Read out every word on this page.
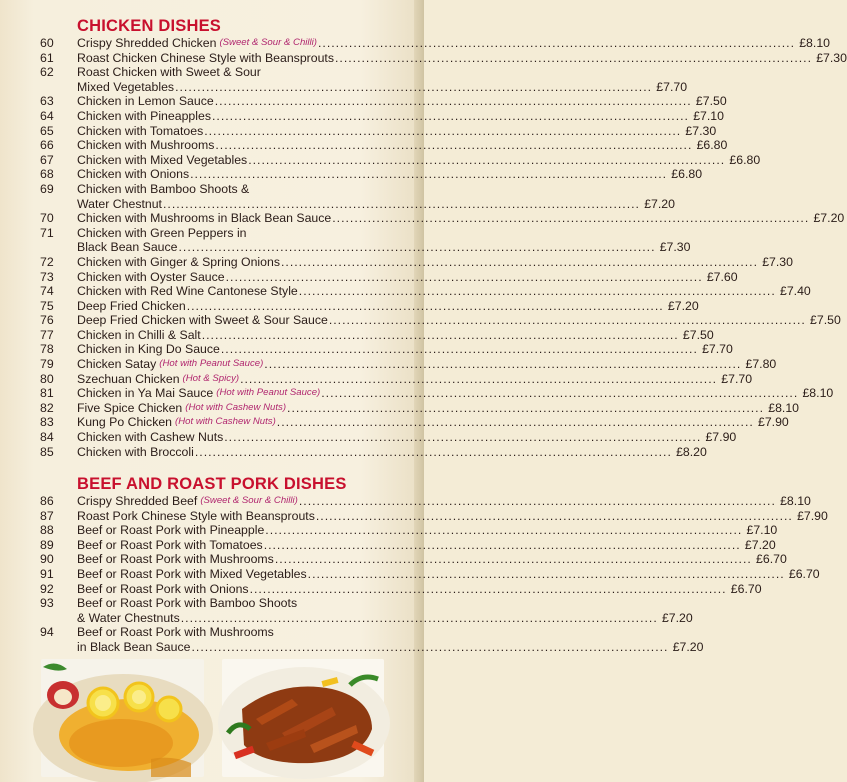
CHICKEN DISHES
60	Crispy Shredded Chicken (Sweet & Sour & Chilli) .....	£8.10
61	Roast Chicken Chinese Style with Beansprouts .....	£7.30
62	Roast Chicken with Sweet & Sour
Mixed Vegetables .....	£7.70
63	Chicken in Lemon Sauce .....	£7.50
64	Chicken with Pineapples .....	£7.10
65	Chicken with Tomatoes .....	£7.30
66	Chicken with Mushrooms .....	£6.80
67	Chicken with Mixed Vegetables .....	£6.80
68	Chicken with Onions .....	£6.80
69	Chicken with Bamboo Shoots &
Water Chestnut .....	£7.20
70	Chicken with Mushrooms in Black Bean Sauce .....	£7.20
71	Chicken with Green Peppers in
Black Bean Sauce .....	£7.30
72	Chicken with Ginger & Spring Onions .....	£7.30
73	Chicken with Oyster Sauce .....	£7.60
74	Chicken with Red Wine Cantonese Style .....	£7.40
75	Deep Fried Chicken .....	£7.20
76	Deep Fried Chicken with Sweet & Sour Sauce .....	£7.50
77	Chicken in Chilli & Salt .....	£7.50
78	Chicken in King Do Sauce .....	£7.70
79	Chicken Satay (Hot with Peanut Sauce) .....	£7.80
80	Szechuan Chicken (Hot & Spicy) .....	£7.70
81	Chicken in Ya Mai Sauce (Hot with Peanut Sauce) .....	£8.10
82	Five Spice Chicken (Hot with Cashew Nuts) .....	£8.10
83	Kung Po Chicken (Hot with Cashew Nuts) .....	£7.90
84	Chicken with Cashew Nuts .....	£7.90
85	Chicken with Broccoli .....	£8.20
BEEF AND ROAST PORK DISHES
86	Crispy Shredded Beef (Sweet & Sour & Chilli) .....	£8.10
87	Roast Pork Chinese Style with Beansprouts .....	£7.90
88	Beef or Roast Pork with Pineapple .....	£7.10
89	Beef or Roast Pork with Tomatoes .....	£7.20
90	Beef or Roast Pork with Mushrooms .....	£6.70
91	Beef or Roast Pork with Mixed Vegetables .....	£6.70
92	Beef or Roast Pork with Onions .....	£6.70
93	Beef or Roast Pork with Bamboo Shoots
& Water Chestnuts .....	£7.20
94	Beef or Roast Pork with Mushrooms
in Black Bean Sauce .....	£7.20
